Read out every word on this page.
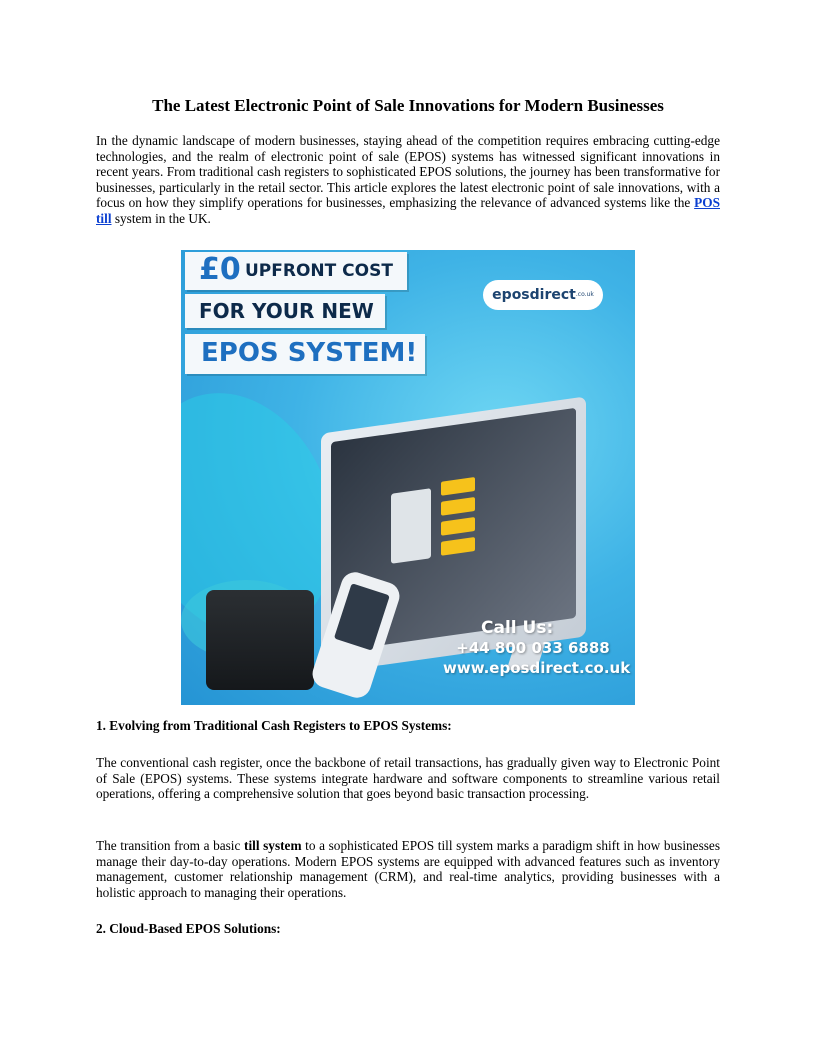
The Latest Electronic Point of Sale Innovations for Modern Businesses

In the dynamic landscape of modern businesses, staying ahead of the competition requires embracing cutting-edge technologies, and the realm of electronic point of sale (EPOS) systems has witnessed significant innovations in recent years. From traditional cash registers to sophisticated EPOS solutions, the journey has been transformative for businesses, particularly in the retail sector. This article explores the latest electronic point of sale innovations, with a focus on how they simplify operations for businesses, emphasizing the relevance of advanced systems like the POS till system in the UK.

£0 UPFRONT COST
FOR YOUR NEW
EPOS SYSTEM!
eposdirect.co.uk
Call Us:
+44 800 033 6888
www.eposdirect.co.uk
1. Evolving from Traditional Cash Registers to EPOS Systems:

The conventional cash register, once the backbone of retail transactions, has gradually given way to Electronic Point of Sale (EPOS) systems. These systems integrate hardware and software components to streamline various retail operations, offering a comprehensive solution that goes beyond basic transaction processing.

The transition from a basic till system to a sophisticated EPOS till system marks a paradigm shift in how businesses manage their day-to-day operations. Modern EPOS systems are equipped with advanced features such as inventory management, customer relationship management (CRM), and real-time analytics, providing businesses with a holistic approach to managing their operations.

2. Cloud-Based EPOS Solutions:
